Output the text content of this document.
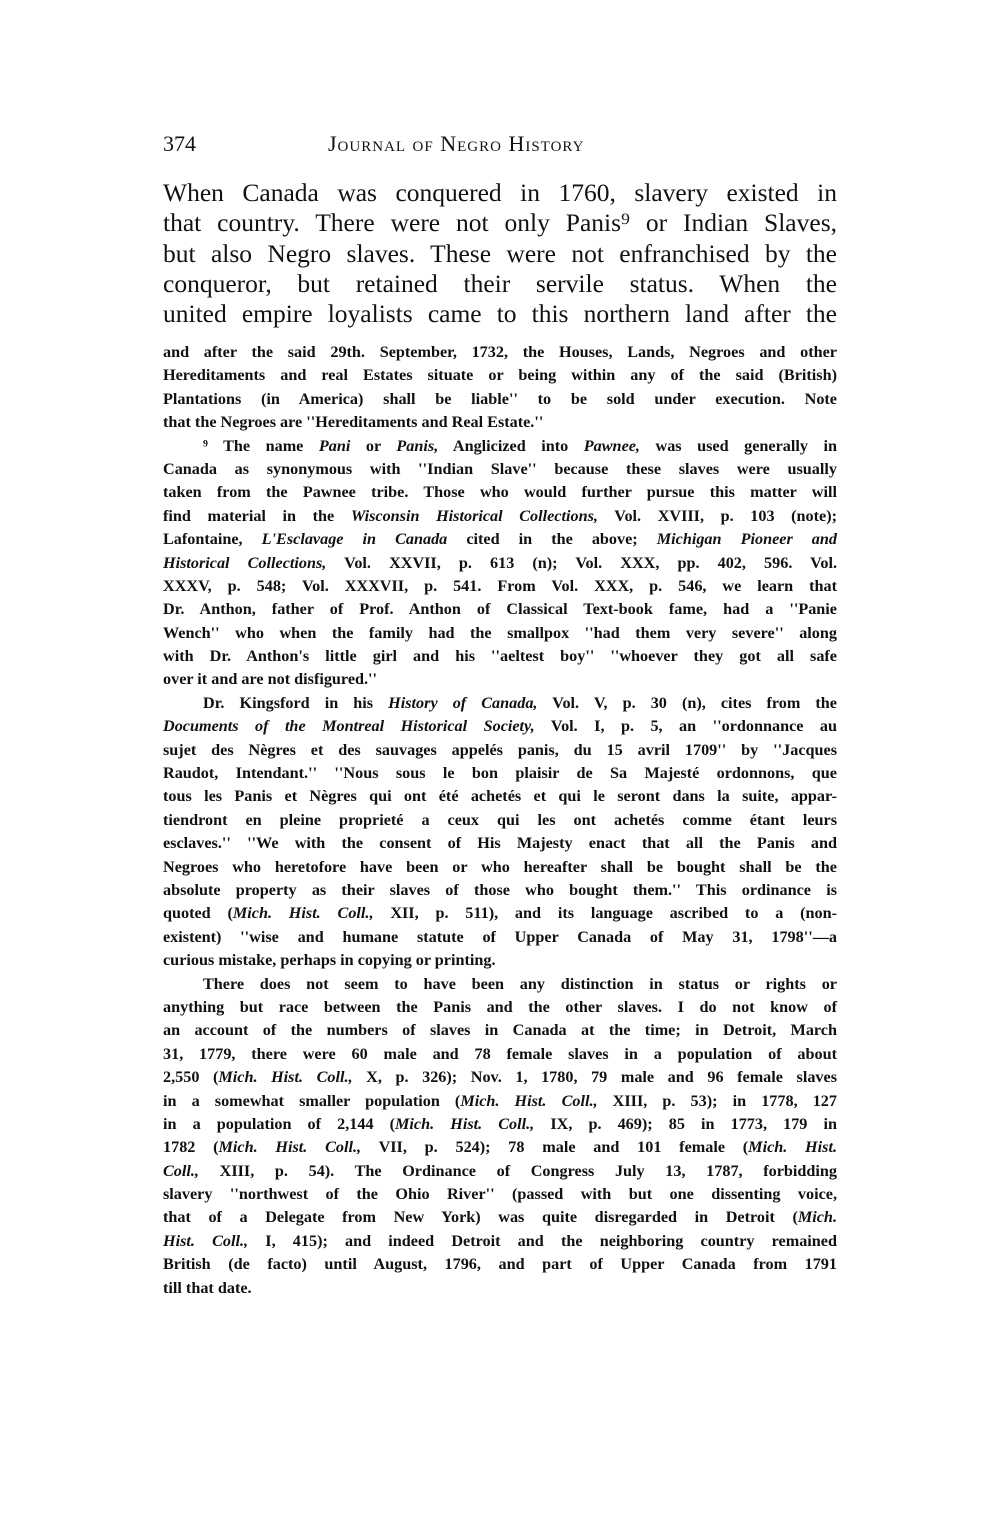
374	Journal of Negro History
When Canada was conquered in 1760, slavery existed in
that country. There were not only Panis⁹ or Indian Slaves,
but also Negro slaves. These were not enfranchised by the
conqueror, but retained their servile status. When the
united empire loyalists came to this northern land after the
and after the said 29th. September, 1732, the Houses, Lands, Negroes and other
Hereditaments and real Estates situate or being within any of the said (British)
Plantations (in America) shall be liable'' to be sold under execution. Note
that the Negroes are ''Hereditaments and Real Estate.''
⁹ The name Pani or Panis, Anglicized into Pawnee, was used generally in
Canada as synonymous with ''Indian Slave'' because these slaves were usually
taken from the Pawnee tribe. Those who would further pursue this matter will
find material in the Wisconsin Historical Collections, Vol. XVIII, p. 103 (note);
Lafontaine, L'Esclavage in Canada cited in the above; Michigan Pioneer and
Historical Collections, Vol. XXVII, p. 613 (n); Vol. XXX, pp. 402, 596. Vol.
XXXV, p. 548; Vol. XXXVII, p. 541. From Vol. XXX, p. 546, we learn that
Dr. Anthon, father of Prof. Anthon of Classical Text-book fame, had a ''Panie
Wench'' who when the family had the smallpox ''had them very severe'' along
with Dr. Anthon's little girl and his ''aeltest boy'' ''whoever they got all safe
over it and are not disfigured.''
Dr. Kingsford in his History of Canada, Vol. V, p. 30 (n), cites from the
Documents of the Montreal Historical Society, Vol. I, p. 5, an ''ordonnance au
sujet des Nègres et des sauvages appelés panis, du 15 avril 1709'' by ''Jacques
Raudot, Intendant.'' ''Nous sous le bon plaisir de Sa Majesté ordonnons, que
tous les Panis et Nègres qui ont été achetés et qui le seront dans la suite, appar-
tiendront en pleine proprieté a ceux qui les ont achetés comme étant leurs
esclaves.'' ''We with the consent of His Majesty enact that all the Panis and
Negroes who heretofore have been or who hereafter shall be bought shall be the
absolute property as their slaves of those who bought them.'' This ordinance is
quoted (Mich. Hist. Coll., XII, p. 511), and its language ascribed to a (non-
existent) ''wise and humane statute of Upper Canada of May 31, 1798''—a
curious mistake, perhaps in copying or printing.
There does not seem to have been any distinction in status or rights or
anything but race between the Panis and the other slaves. I do not know of
an account of the numbers of slaves in Canada at the time; in Detroit, March
31, 1779, there were 60 male and 78 female slaves in a population of about
2,550 (Mich. Hist. Coll., X, p. 326); Nov. 1, 1780, 79 male and 96 female slaves
in a somewhat smaller population (Mich. Hist. Coll., XIII, p. 53); in 1778, 127
in a population of 2,144 (Mich. Hist. Coll., IX, p. 469); 85 in 1773, 179 in
1782 (Mich. Hist. Coll., VII, p. 524); 78 male and 101 female (Mich. Hist.
Coll., XIII, p. 54). The Ordinance of Congress July 13, 1787, forbidding
slavery ''northwest of the Ohio River'' (passed with but one dissenting voice,
that of a Delegate from New York) was quite disregarded in Detroit (Mich.
Hist. Coll., I, 415); and indeed Detroit and the neighboring country remained
British (de facto) until August, 1796, and part of Upper Canada from 1791
till that date.
